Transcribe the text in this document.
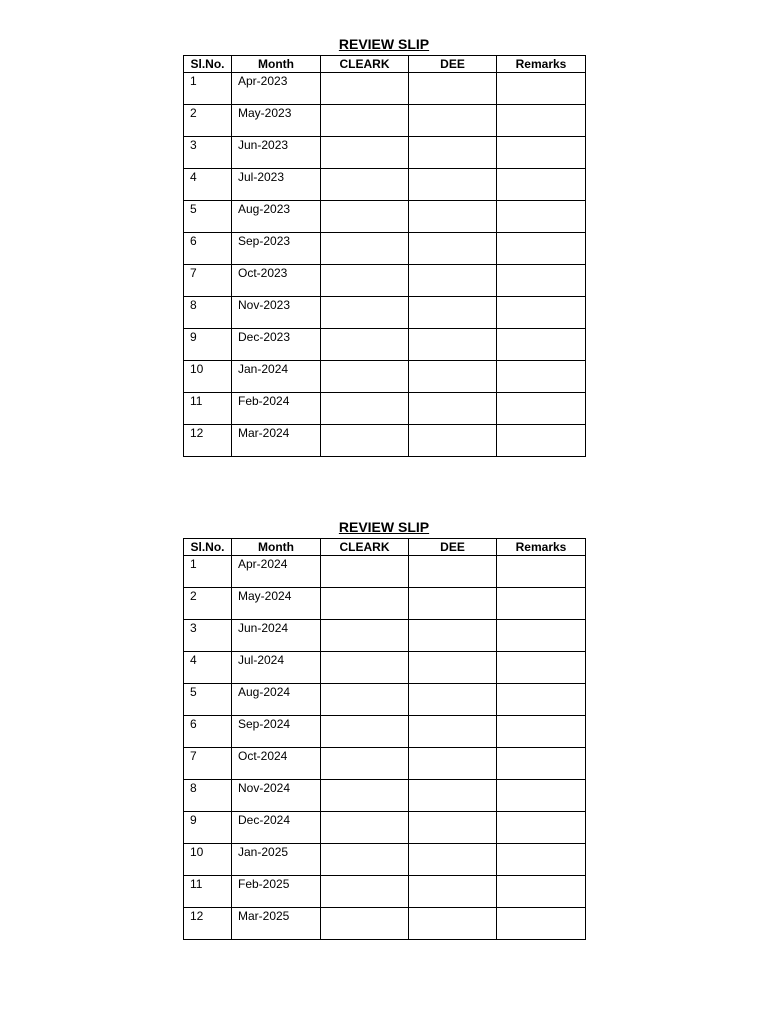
REVIEW SLIP
Sl.No.	Month	CLEARK	DEE	Remarks
1	Apr-2023			
2	May-2023			
3	Jun-2023			
4	Jul-2023			
5	Aug-2023			
6	Sep-2023			
7	Oct-2023			
8	Nov-2023			
9	Dec-2023			
10	Jan-2024			
11	Feb-2024			
12	Mar-2024			
REVIEW SLIP
Sl.No.	Month	CLEARK	DEE	Remarks
1	Apr-2024			
2	May-2024			
3	Jun-2024			
4	Jul-2024			
5	Aug-2024			
6	Sep-2024			
7	Oct-2024			
8	Nov-2024			
9	Dec-2024			
10	Jan-2025			
11	Feb-2025			
12	Mar-2025			
